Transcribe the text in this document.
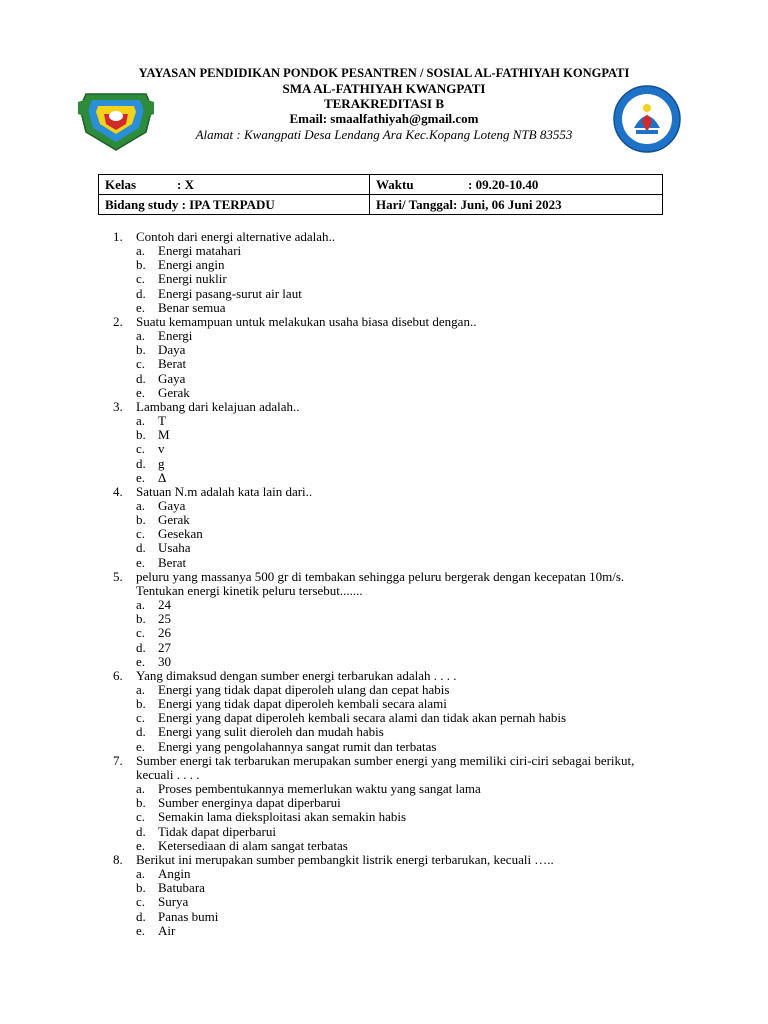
YAYASAN PENDIDIKAN PONDOK PESANTREN / SOSIAL AL-FATHIYAH KONGPATI
SMA AL-FATHIYAH KWANGPATI
TERAKREDITASI B
Email: smaalfathiyah@gmail.com
Alamat : Kwangpati Desa Lendang Ara Kec.Kopang Loteng NTB 83553
Kelas : X	Waktu : 09.20-10.40
Bidang study : IPA TERPADU	Hari/ Tanggal: Juni, 06 Juni 2023
1. Contoh dari energi alternative adalah..
a. Energi matahari
b. Energi angin
c. Energi nuklir
d. Energi pasang-surut air laut
e. Benar semua
2. Suatu kemampuan untuk melakukan usaha biasa disebut dengan..
a. Energi
b. Daya
c. Berat
d. Gaya
e. Gerak
3. Lambang dari kelajuan adalah..
a. T
b. M
c. v
d. g
e. Δ
4. Satuan N.m adalah kata lain dari..
a. Gaya
b. Gerak
c. Gesekan
d. Usaha
e. Berat
5. peluru yang massanya 500 gr di tembakan sehingga peluru bergerak dengan kecepatan 10m/s. Tentukan energi kinetik peluru tersebut.......
a. 24
b. 25
c. 26
d. 27
e. 30
6. Yang dimaksud dengan sumber energi terbarukan adalah . . . .
a. Energi yang tidak dapat diperoleh ulang dan cepat habis
b. Energi yang tidak dapat diperoleh kembali secara alami
c. Energi yang dapat diperoleh kembali secara alami dan tidak akan pernah habis
d. Energi yang sulit dieroleh dan mudah habis
e. Energi yang pengolahannya sangat rumit dan terbatas
7. Sumber energi tak terbarukan merupakan sumber energi yang memiliki ciri-ciri sebagai berikut, kecuali . . . .
a. Proses pembentukannya memerlukan waktu yang sangat lama
b. Sumber energinya dapat diperbarui
c. Semakin lama dieksploitasi akan semakin habis
d. Tidak dapat diperbarui
e. Ketersediaan di alam sangat terbatas
8. Berikut ini merupakan sumber pembangkit listrik energi terbarukan, kecuali …..
a. Angin
b. Batubara
c. Surya
d. Panas bumi
e. Air
